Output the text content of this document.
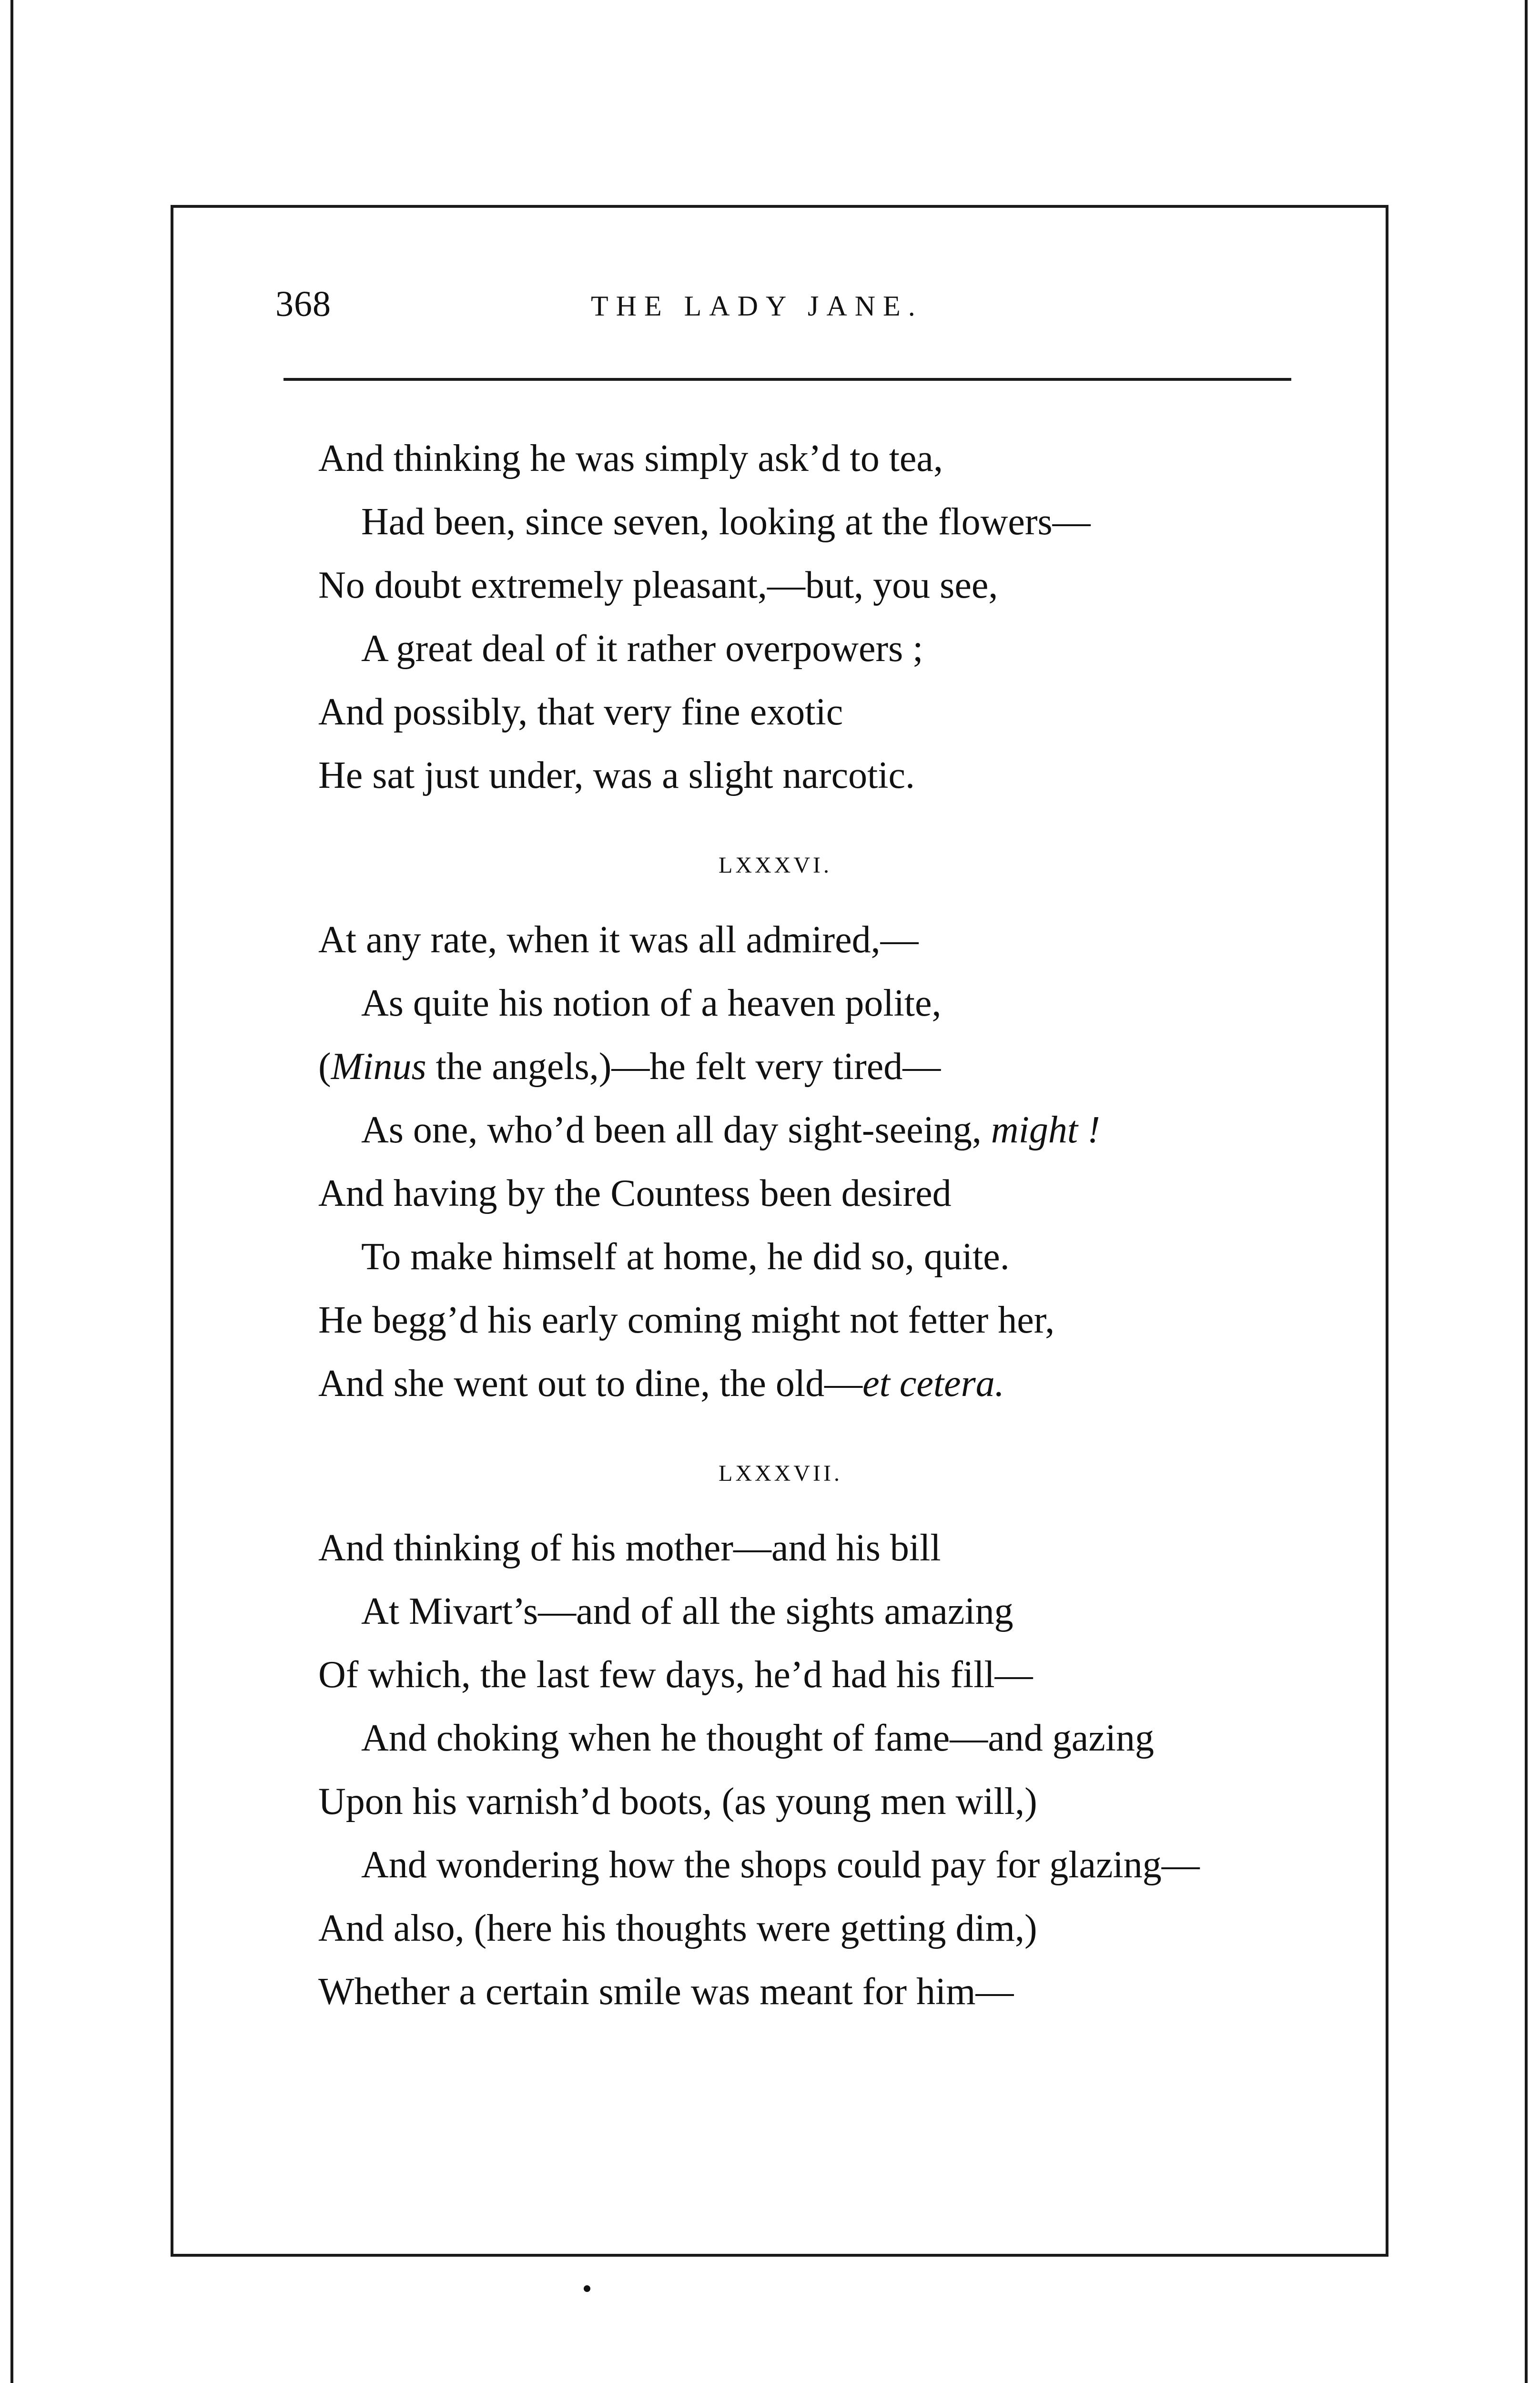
368	THE LADY JANE.
And thinking he was simply ask’d to tea,
Had been, since seven, looking at the flowers—
No doubt extremely pleasant,—but, you see,
A great deal of it rather overpowers ;
And possibly, that very fine exotic
He sat just under, was a slight narcotic.
LXXXVI.
At any rate, when it was all admired,—
As quite his notion of a heaven polite,
(Minus the angels,)—he felt very tired—
As one, who’d been all day sight-seeing, might !
And having by the Countess been desired
To make himself at home, he did so, quite.
He begg’d his early coming might not fetter her,
And she went out to dine, the old—et cetera.
LXXXVII.
And thinking of his mother—and his bill
At Mivart’s—and of all the sights amazing
Of which, the last few days, he’d had his fill—
And choking when he thought of fame—and gazing
Upon his varnish’d boots, (as young men will,)
And wondering how the shops could pay for glazing—
And also, (here his thoughts were getting dim,)
Whether a certain smile was meant for him—
